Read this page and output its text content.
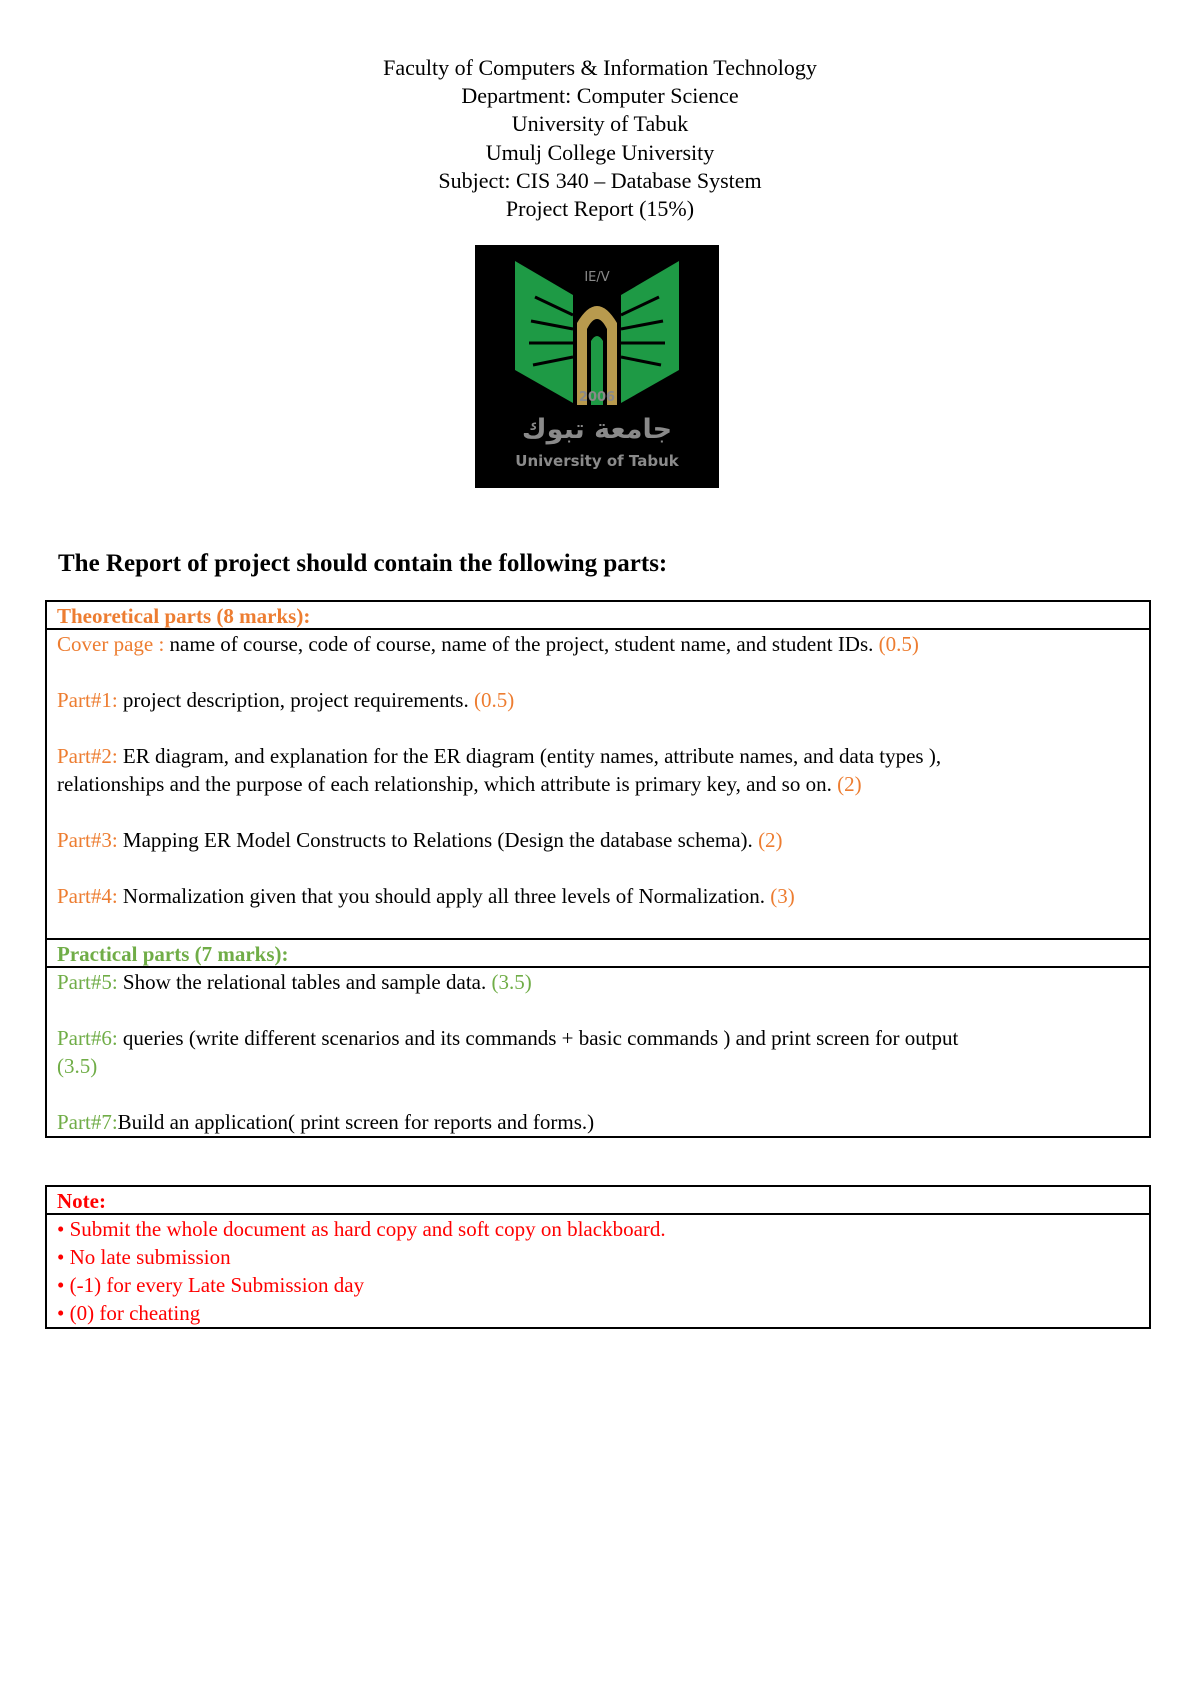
Faculty of Computers & Information Technology
Department: Computer Science
University of Tabuk
Umulj College University
Subject: CIS 340 – Database System
Project Report (15%)
IE/V
2006
جامعة تبوك
University of Tabuk
The Report of project should contain the following parts:
Theoretical parts (8 marks):

Cover page : name of course, code of course, name of the project, student name, and student IDs. (0.5)

Part#1: project description, project requirements. (0.5)

Part#2: ER diagram, and explanation for the ER diagram (entity names, attribute names, and data types ),

relationships and the purpose of each relationship, which attribute is primary key, and so on. (2)

Part#3: Mapping ER Model Constructs to Relations (Design the database schema). (2)

Part#4: Normalization given that you should apply all three levels of Normalization. (3)

Practical parts (7 marks):

Part#5: Show the relational tables and sample data. (3.5)

Part#6: queries (write different scenarios and its commands + basic commands ) and print screen for output

(3.5)

Part#7:Build an application( print screen for reports and forms.)

Note:

• Submit the whole document as hard copy and soft copy on blackboard.

• No late submission

• (-1) for every Late Submission day

• (0) for cheating
